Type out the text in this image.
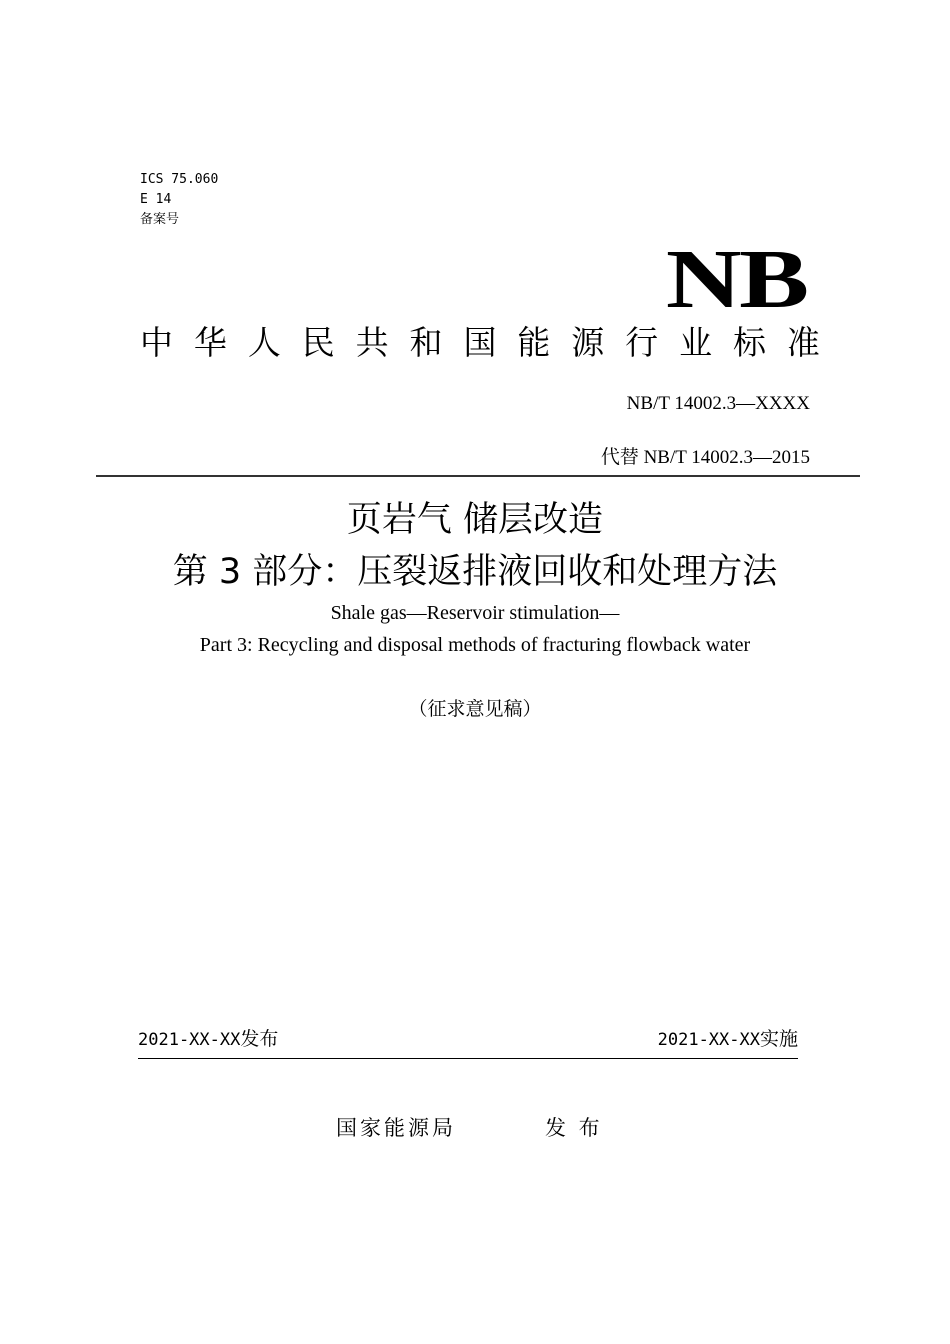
ICS 75.060
E 14
备案号
NB
中 华 人 民 共 和 国 能 源 行 业 标 准
NB/T 14002.3—XXXX
代替 NB/T 14002.3—2015
页岩气 储层改造
第 3 部分：压裂返排液回收和处理方法
Shale gas—Reservoir stimulation—
Part 3: Recycling and disposal methods of fracturing flowback water
（征求意见稿）
2021-XX-XX发布	2021-XX-XX实施
国家能源局	发 布
